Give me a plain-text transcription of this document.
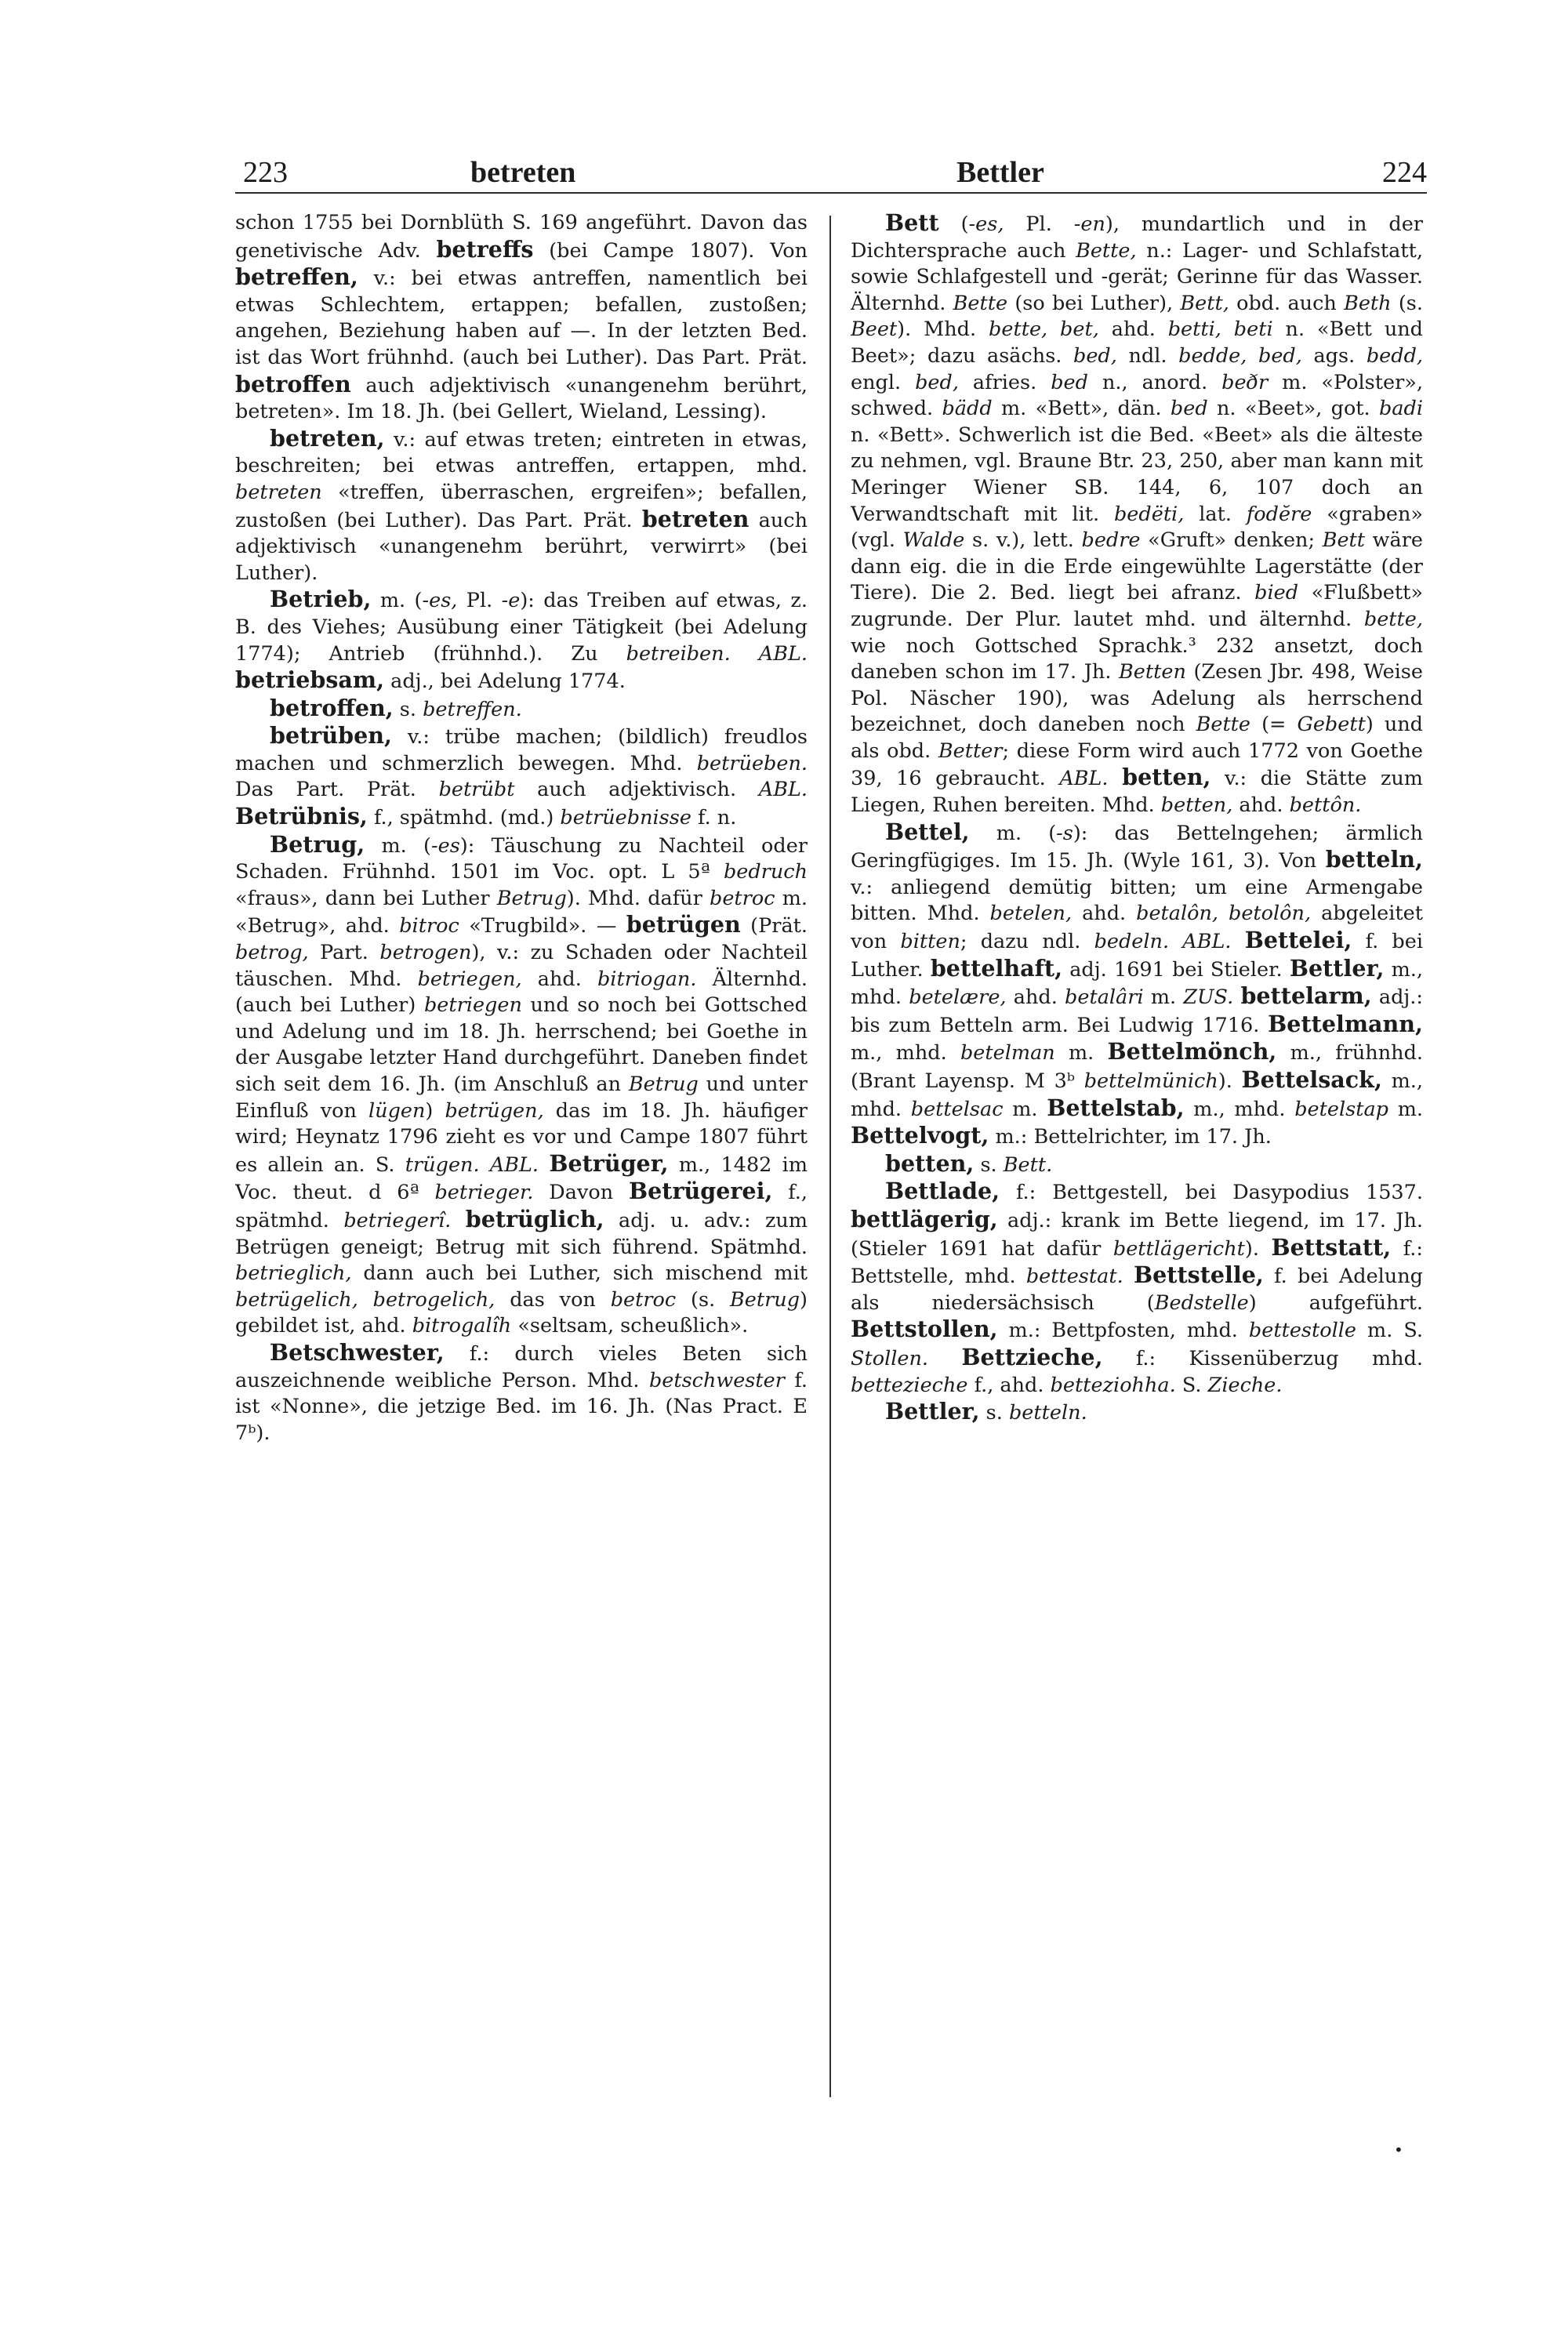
223	betreten	Bettler	224

schon 1755 bei Dornblüth S. 169 angeführt. Davon das genetivische Adv. betreffs (bei Campe 1807). Von betreffen, v.: bei etwas antreffen, namentlich bei etwas Schlechtem, ertappen; befallen, zustoßen; angehen, Beziehung haben auf —. In der letzten Bed. ist das Wort frühnhd. (auch bei Luther). Das Part. Prät. betroffen auch adjektivisch «unangenehm berührt, betreten». Im 18. Jh. (bei Gellert, Wieland, Lessing).

betreten, v.: auf etwas treten; eintreten in etwas, beschreiten; bei etwas antreffen, ertappen, mhd. betreten «treffen, überraschen, ergreifen»; befallen, zustoßen (bei Luther). Das Part. Prät. betreten auch adjektivisch «unangenehm berührt, verwirrt» (bei Luther).

Betrieb, m. (-es, Pl. -e): das Treiben auf etwas, z. B. des Viehes; Ausübung einer Tätigkeit (bei Adelung 1774); Antrieb (frühnhd.). Zu betreiben. ABL. betriebsam, adj., bei Adelung 1774.

betroffen, s. betreffen.

betrüben, v.: trübe machen; (bildlich) freudlos machen und schmerzlich bewegen. Mhd. betrüeben. Das Part. Prät. betrübt auch adjektivisch. ABL. Betrübnis, f., spätmhd. (md.) betrüebnisse f. n.

Betrug, m. (-es): Täuschung zu Nachteil oder Schaden. Frühnhd. 1501 im Voc. opt. L 5ª bedruch «fraus», dann bei Luther Betrug). Mhd. dafür betroc m. «Betrug», ahd. bitroc «Trugbild». — betrügen (Prät. betrog, Part. betrogen), v.: zu Schaden oder Nachteil täuschen. Mhd. betriegen, ahd. bitriogan. Älternhd. (auch bei Luther) betriegen und so noch bei Gottsched und Adelung und im 18. Jh. herrschend; bei Goethe in der Ausgabe letzter Hand durchgeführt. Daneben findet sich seit dem 16. Jh. (im Anschluß an Betrug und unter Einfluß von lügen) betrügen, das im 18. Jh. häufiger wird; Heynatz 1796 zieht es vor und Campe 1807 führt es allein an. S. trügen. ABL. Betrüger, m., 1482 im Voc. theut. d 6ª betrieger. Davon Betrügerei, f., spätmhd. betriegerî. betrüglich, adj. u. adv.: zum Betrügen geneigt; Betrug mit sich führend. Spätmhd. betrieglich, dann auch bei Luther, sich mischend mit betrügelich, betrogelich, das von betroc (s. Betrug) gebildet ist, ahd. bitrogalîh «seltsam, scheußlich».

Betschwester, f.: durch vieles Beten sich auszeichnende weibliche Person. Mhd. betschwester f. ist «Nonne», die jetzige Bed. im 16. Jh. (Nas Pract. E 7ᵇ).

Bett (-es, Pl. -en), mundartlich und in der Dichtersprache auch Bette, n.: Lager- und Schlafstatt, sowie Schlafgestell und -gerät; Gerinne für das Wasser. Älternhd. Bette (so bei Luther), Bett, obd. auch Beth (s. Beet). Mhd. bette, bet, ahd. betti, beti n. «Bett und Beet»; dazu asächs. bed, ndl. bedde, bed, ags. bedd, engl. bed, afries. bed n., anord. beðr m. «Polster», schwed. bädd m. «Bett», dän. bed n. «Beet», got. badi n. «Bett». Schwerlich ist die Bed. «Beet» als die älteste zu nehmen, vgl. Braune Btr. 23, 250, aber man kann mit Meringer Wiener SB. 144, 6, 107 doch an Verwandtschaft mit lit. bedëti, lat. fodĕre «graben» (vgl. Walde s. v.), lett. bedre «Gruft» denken; Bett wäre dann eig. die in die Erde eingewühlte Lagerstätte (der Tiere). Die 2. Bed. liegt bei afranz. bied «Flußbett» zugrunde. Der Plur. lautet mhd. und älternhd. bette, wie noch Gottsched Sprachk.³ 232 ansetzt, doch daneben schon im 17. Jh. Betten (Zesen Jbr. 498, Weise Pol. Näscher 190), was Adelung als herrschend bezeichnet, doch daneben noch Bette (= Gebett) und als obd. Better; diese Form wird auch 1772 von Goethe 39, 16 gebraucht. ABL. betten, v.: die Stätte zum Liegen, Ruhen bereiten. Mhd. betten, ahd. bettôn.

Bettel, m. (-s): das Bettelngehen; ärmlich Geringfügiges. Im 15. Jh. (Wyle 161, 3). Von betteln, v.: anliegend demütig bitten; um eine Armengabe bitten. Mhd. betelen, ahd. betalôn, betolôn, abgeleitet von bitten; dazu ndl. bedeln. ABL. Bettelei, f. bei Luther. bettelhaft, adj. 1691 bei Stieler. Bettler, m., mhd. betelære, ahd. betalâri m. ZUS. bettelarm, adj.: bis zum Betteln arm. Bei Ludwig 1716. Bettelmann, m., mhd. betelman m. Bettelmönch, m., frühnhd. (Brant Layensp. M 3ᵇ bettelmünich). Bettelsack, m., mhd. bettelsac m. Bettelstab, m., mhd. betelstap m. Bettelvogt, m.: Bettelrichter, im 17. Jh.

betten, s. Bett.

Bettlade, f.: Bettgestell, bei Dasypodius 1537. bettlägerig, adj.: krank im Bette liegend, im 17. Jh. (Stieler 1691 hat dafür bettlägericht). Bettstatt, f.: Bettstelle, mhd. bettestat. Bettstelle, f. bei Adelung als niedersächsisch (Bedstelle) aufgeführt. Bettstollen, m.: Bettpfosten, mhd. bettestolle m. S. Stollen. Bettzieche, f.: Kissenüberzug mhd. bettezieche f., ahd. betteziohha. S. Zieche.

Bettler, s. betteln.

•
